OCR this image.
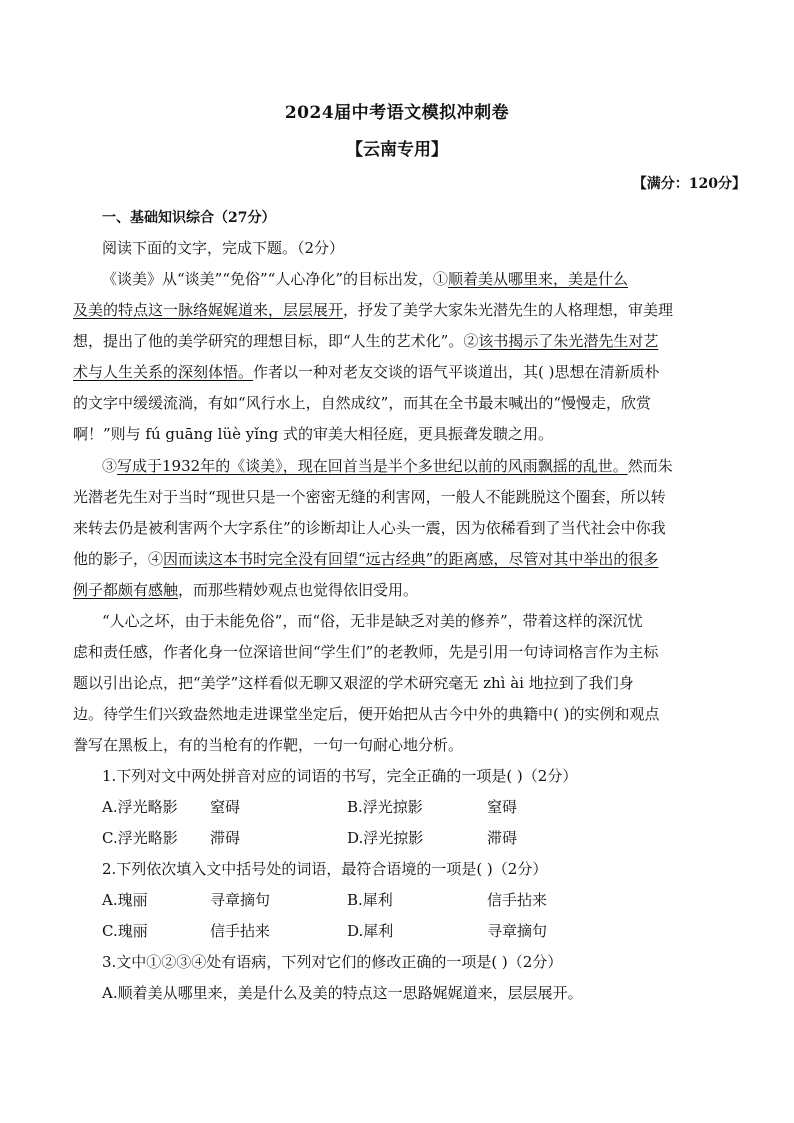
2024届中考语文模拟冲刺卷
【云南专用】
【满分：120分】
一、基础知识综合（27分）
阅读下面的文字，完成下题。（2分）
《谈美》从“谈美”“免俗”“人心净化”的目标出发，①顺着美从哪里来，美是什么
及美的特点这一脉络娓娓道来，层层展开，抒发了美学大家朱光潜先生的人格理想，审美理
想，提出了他的美学研究的理想目标，即“人生的艺术化”。②该书揭示了朱光潜先生对艺
术与人生关系的深刻体悟。作者以一种对老友交谈的语气平谈道出，其( )思想在清新质朴
的文字中缓缓流淌，有如“风行水上，自然成纹”，而其在全书最末喊出的“慢慢走，欣赏
啊！”则与 fú guāng lüè yǐng 式的审美大相径庭，更具振聋发聩之用。
③写成于1932年的《谈美》，现在回首当是半个多世纪以前的风雨飘摇的乱世。然而朱
光潜老先生对于当时“现世只是一个密密无缝的利害网，一般人不能跳脱这个圈套，所以转
来转去仍是被利害两个大字系住”的诊断却让人心头一震，因为依稀看到了当代社会中你我
他的影子，④因而读这本书时完全没有回望“远古经典”的距离感，尽管对其中举出的很多
例子都颇有感触，而那些精妙观点也觉得依旧受用。
“人心之坏，由于未能免俗”，而“俗，无非是缺乏对美的修养”，带着这样的深沉忧
虑和责任感，作者化身一位深谙世间“学生们”的老教师，先是引用一句诗词格言作为主标
题以引出论点，把“美学”这样看似无聊又艰涩的学术研究毫无 zhì ài 地拉到了我们身
边。待学生们兴致盎然地走进课堂坐定后，便开始把从古今中外的典籍中( )的实例和观点
誊写在黑板上，有的当枪有的作靶，一句一句耐心地分析。
1.下列对文中两处拼音对应的词语的书写，完全正确的一项是( )（2分）
A.浮光略影 窒碍	B.浮光掠影	窒碍
C.浮光略影 滞碍	D.浮光掠影	滞碍
2.下列依次填入文中括号处的词语，最符合语境的一项是( )（2分）
A.瑰丽	寻章摘句	B.犀利	信手拈来
C.瑰丽	信手拈来	D.犀利	寻章摘句
3.文中①②③④处有语病，下列对它们的修改正确的一项是( )（2分）
A.顺着美从哪里来，美是什么及美的特点这一思路娓娓道来，层层展开。
